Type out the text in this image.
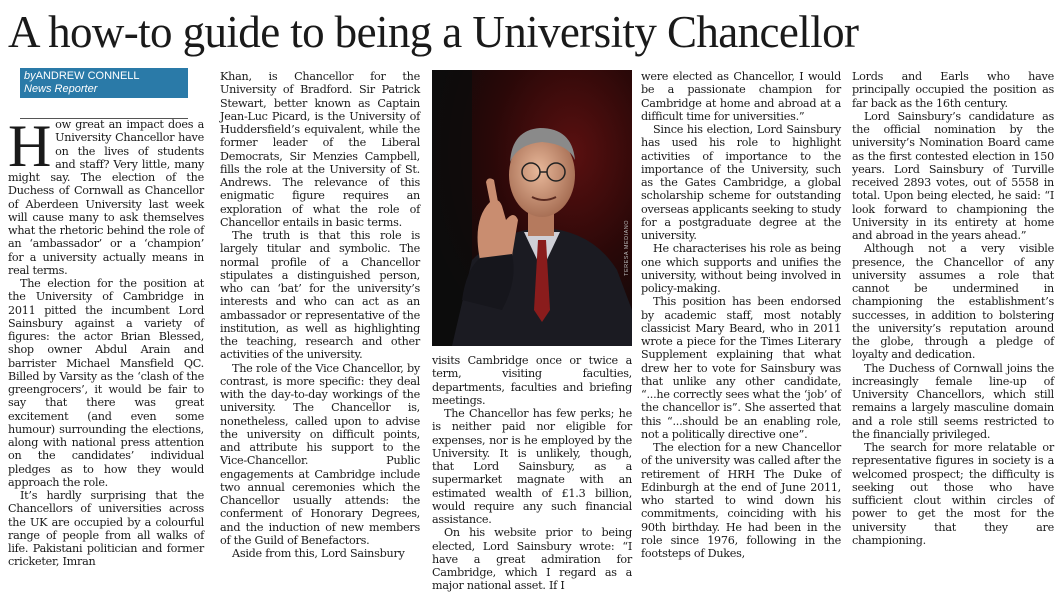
A how-to guide to being a University Chancellor
byANDREW CONNELL
News Reporter

How great an impact does a University Chancellor have on the lives of students and staff? Very little, many might say. The election of the Duchess of Cornwall as Chancellor of Aberdeen University last week will cause many to ask themselves what the rhetoric behind the role of an ‘ambassador’ or a ‘champion’ for a university actually means in real terms.

The election for the position at the University of Cambridge in 2011 pitted the incumbent Lord Sainsbury against a variety of figures: the actor Brian Blessed, shop owner Abdul Arain and barrister Michael Mansfield QC. Billed by Varsity as the ‘clash of the greengrocers’, it would be fair to say that there was great excitement (and even some humour) surrounding the elections, along with national press attention on the candidates’ individual pledges as to how they would approach the role.

It’s hardly surprising that the Chancellors of universities across the UK are occupied by a colourful range of people from all walks of life. Pakistani politician and former cricketer, Imran

Khan, is Chancellor for the University of Bradford. Sir Patrick Stewart, better known as Captain Jean-Luc Picard, is the University of Huddersfield’s equivalent, while the former leader of the Liberal Democrats, Sir Menzies Campbell, fills the role at the University of St. Andrews. The relevance of this enigmatic figure requires an exploration of what the role of Chancellor entails in basic terms.

The truth is that this role is largely titular and symbolic. The normal profile of a Chancellor stipulates a distinguished person, who can ‘bat’ for the university’s interests and who can act as an ambassador or representative of the institution, as well as highlighting the teaching, research and other activities of the university.

The role of the Vice Chancellor, by contrast, is more specific: they deal with the day-to-day workings of the university. The Chancellor is, nonetheless, called upon to advise the university on difficult points, and attribute his support to the Vice-Chancellor. Public engagements at Cambridge include two annual ceremonies which the Chancellor usually attends: the conferment of Honorary Degrees, and the induction of new members of the Guild of Benefactors.

Aside from this, Lord Sainsbury

TERESA MEDIANO

visits Cambridge once or twice a term, visiting faculties, departments, faculties and briefing meetings.

The Chancellor has few perks; he is neither paid nor eligible for expenses, nor is he employed by the University. It is unlikely, though, that Lord Sainsbury, as a supermarket magnate with an estimated wealth of £1.3 billion, would require any such financial assistance.

On his website prior to being elected, Lord Sainsbury wrote: “I have a great admiration for Cambridge, which I regard as a major national asset. If I

were elected as Chancellor, I would be a passionate champion for Cambridge at home and abroad at a difficult time for universities.”

Since his election, Lord Sainsbury has used his role to highlight activities of importance to the importance of the University, such as the Gates Cambridge, a global scholarship scheme for outstanding overseas applicants seeking to study for a postgraduate degree at the university.

He characterises his role as being one which supports and unifies the university, without being involved in policy-making.

This position has been endorsed by academic staff, most notably classicist Mary Beard, who in 2011 wrote a piece for the Times Literary Supplement explaining that what drew her to vote for Sainsbury was that unlike any other candidate, “...he correctly sees what the ‘job’ of the chancellor is”. She asserted that this “...should be an enabling role, not a politically directive one”.

The election for a new Chancellor of the university was called after the retirement of HRH The Duke of Edinburgh at the end of June 2011, who started to wind down his commitments, coinciding with his 90th birthday. He had been in the role since 1976, following in the footsteps of Dukes,

Lords and Earls who have principally occupied the position as far back as the 16th century.

Lord Sainsbury’s candidature as the official nomination by the university’s Nomination Board came as the first contested election in 150 years. Lord Sainsbury of Turville received 2893 votes, out of 5558 in total. Upon being elected, he said: “I look forward to championing the University in its entirety at home and abroad in the years ahead.”

Although not a very visible presence, the Chancellor of any university assumes a role that cannot be undermined in championing the establishment’s successes, in addition to bolstering the university’s reputation around the globe, through a pledge of loyalty and dedication.

The Duchess of Cornwall joins the increasingly female line-up of University Chancellors, which still remains a largely masculine domain and a role still seems restricted to the financially privileged.

The search for more relatable or representative figures in society is a welcomed prospect; the difficulty is seeking out those who have sufficient clout within circles of power to get the most for the university that they are championing.
